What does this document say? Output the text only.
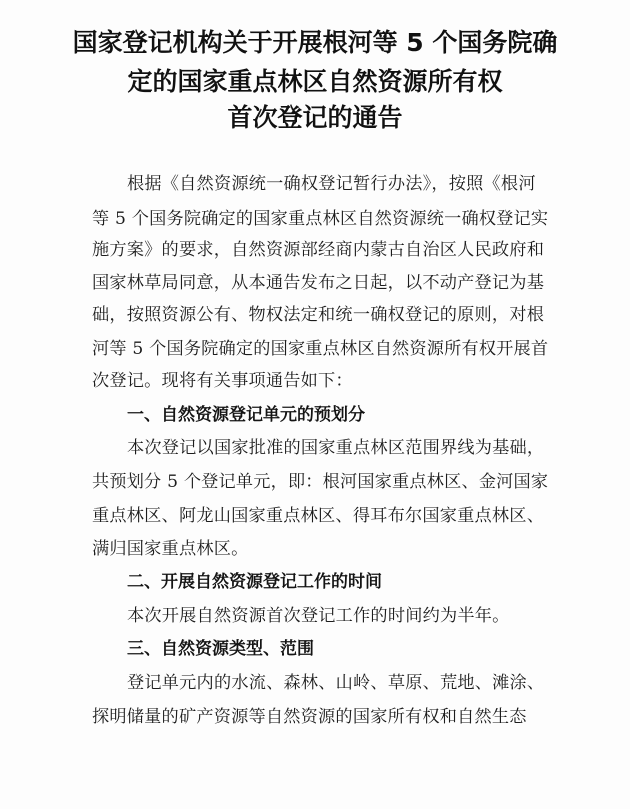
国家登记机构关于开展根河等 5 个国务院确
定的国家重点林区自然资源所有权
首次登记的通告
根据《自然资源统一确权登记暂行办法》，按照《根河
等 5 个国务院确定的国家重点林区自然资源统一确权登记实
施方案》的要求，自然资源部经商内蒙古自治区人民政府和
国家林草局同意，从本通告发布之日起，以不动产登记为基
础，按照资源公有、物权法定和统一确权登记的原则，对根
河等 5 个国务院确定的国家重点林区自然资源所有权开展首
次登记。现将有关事项通告如下：
一、自然资源登记单元的预划分
本次登记以国家批准的国家重点林区范围界线为基础，
共预划分 5 个登记单元，即：根河国家重点林区、金河国家
重点林区、阿龙山国家重点林区、得耳布尔国家重点林区、
满归国家重点林区。
二、开展自然资源登记工作的时间
本次开展自然资源首次登记工作的时间约为半年。
三、自然资源类型、范围
登记单元内的水流、森林、山岭、草原、荒地、滩涂、
探明储量的矿产资源等自然资源的国家所有权和自然生态
